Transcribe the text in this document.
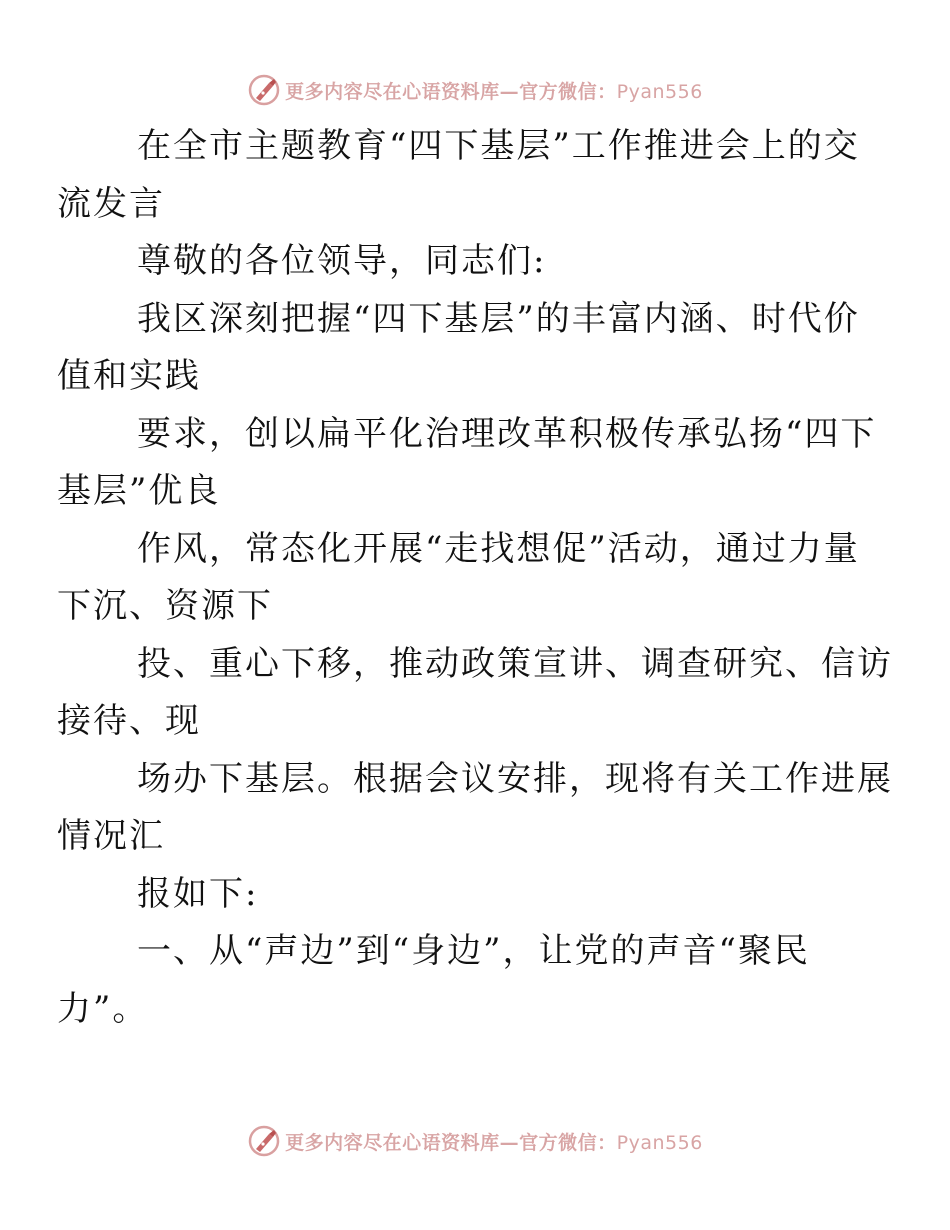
更多内容尽在心语资料库—官方微信：Pyan556

在全市主题教育“四下基层”工作推进会上的交
流发言

尊敬的各位领导，同志们:

我区深刻把握“四下基层”的丰富内涵、时代价
值和实践

要求，创以扁平化治理改革积极传承弘扬“四下
基层”优良

作风，常态化开展“走找想促”活动，通过力量
下沉、资源下

投、重心下移，推动政策宣讲、调查研究、信访
接待、现

场办下基层。根据会议安排，现将有关工作进展
情况汇

报如下:

一、从“声边”到“身边”，让党的声音“聚民
力”。

更多内容尽在心语资料库—官方微信：Pyan556
